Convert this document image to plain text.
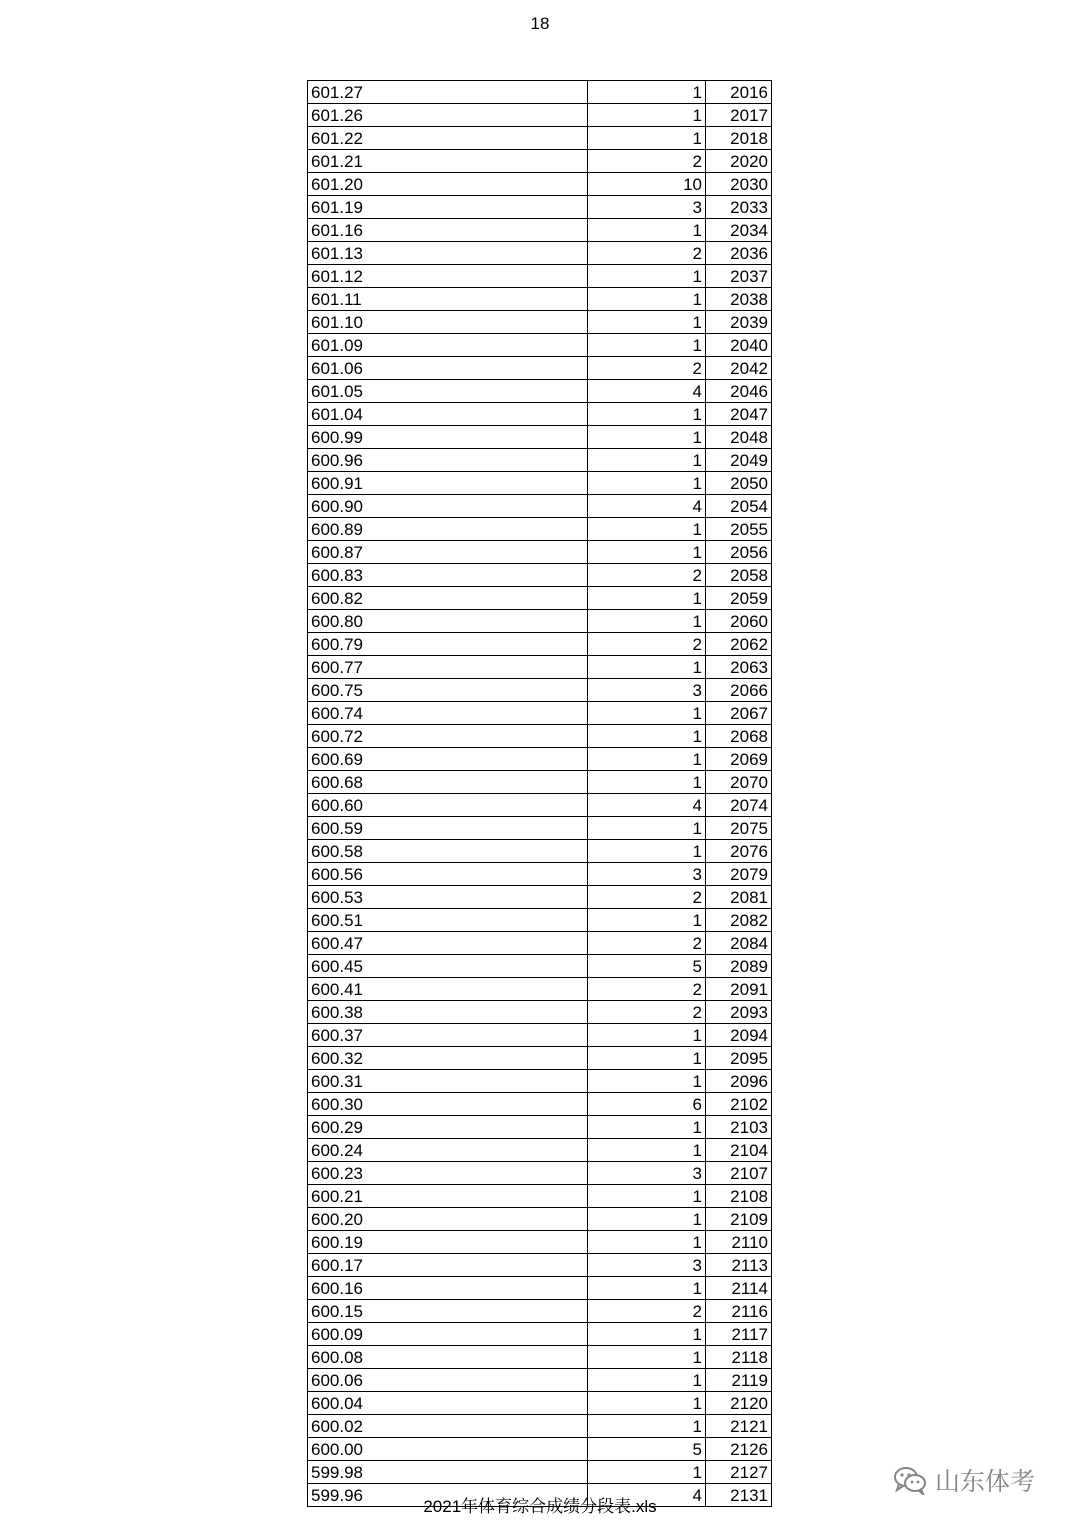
18
601.27	1	2016
601.26	1	2017
601.22	1	2018
601.21	2	2020
601.20	10	2030
601.19	3	2033
601.16	1	2034
601.13	2	2036
601.12	1	2037
601.11	1	2038
601.10	1	2039
601.09	1	2040
601.06	2	2042
601.05	4	2046
601.04	1	2047
600.99	1	2048
600.96	1	2049
600.91	1	2050
600.90	4	2054
600.89	1	2055
600.87	1	2056
600.83	2	2058
600.82	1	2059
600.80	1	2060
600.79	2	2062
600.77	1	2063
600.75	3	2066
600.74	1	2067
600.72	1	2068
600.69	1	2069
600.68	1	2070
600.60	4	2074
600.59	1	2075
600.58	1	2076
600.56	3	2079
600.53	2	2081
600.51	1	2082
600.47	2	2084
600.45	5	2089
600.41	2	2091
600.38	2	2093
600.37	1	2094
600.32	1	2095
600.31	1	2096
600.30	6	2102
600.29	1	2103
600.24	1	2104
600.23	3	2107
600.21	1	2108
600.20	1	2109
600.19	1	2110
600.17	3	2113
600.16	1	2114
600.15	2	2116
600.09	1	2117
600.08	1	2118
600.06	1	2119
600.04	1	2120
600.02	1	2121
600.00	5	2126
599.98	1	2127
599.96	4	2131
2021年体育综合成绩分段表.xls
山东体考
